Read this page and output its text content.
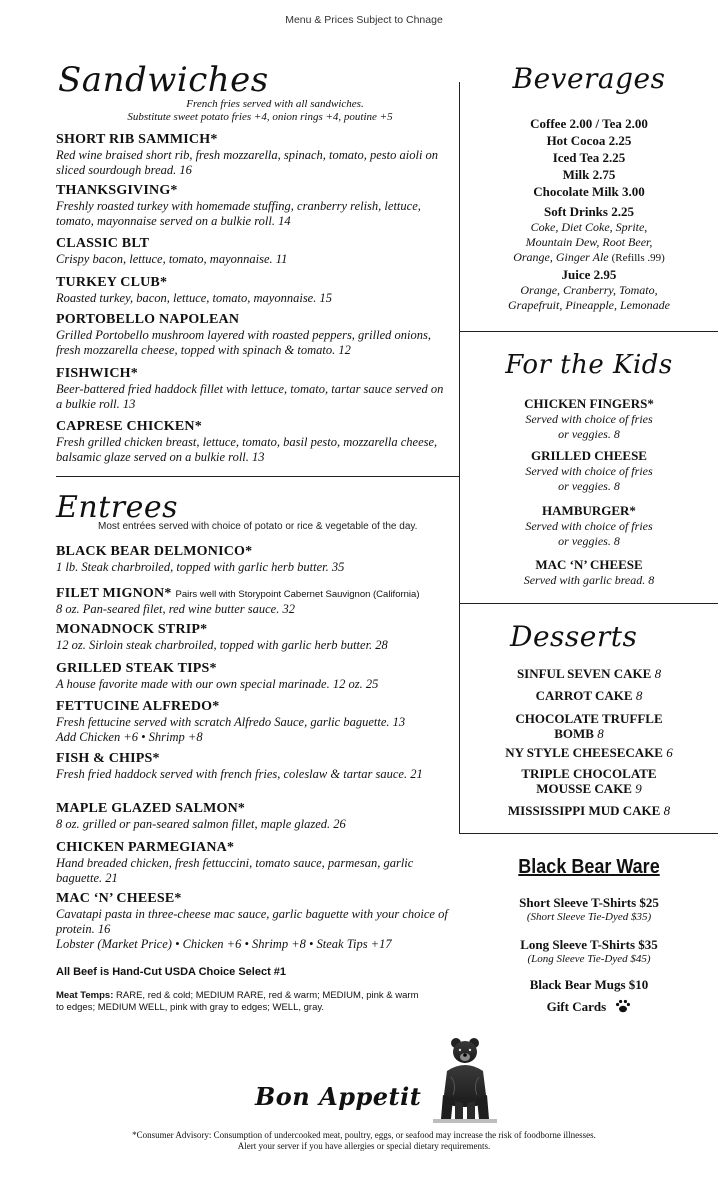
Menu & Prices Subject to Chnage
Sandwiches
French fries served with all sandwiches.
Substitute sweet potato fries +4, onion rings +4, poutine +5
SHORT RIB SAMMICH*
Red wine braised short rib, fresh mozzarella, spinach, tomato, pesto aioli on sliced sourdough bread. 16
THANKSGIVING*
Freshly roasted turkey with homemade stuffing, cranberry relish, lettuce, tomato, mayonnaise served on a bulkie roll. 14
CLASSIC BLT
Crispy bacon, lettuce, tomato, mayonnaise. 11
TURKEY CLUB*
Roasted turkey, bacon, lettuce, tomato, mayonnaise. 15
PORTOBELLO NAPOLEAN
Grilled Portobello mushroom layered with roasted peppers, grilled onions, fresh mozzarella cheese, topped with spinach & tomato. 12
FISHWICH*
Beer-battered fried haddock fillet with lettuce, tomato, tartar sauce served on a bulkie roll. 13
CAPRESE CHICKEN*
Fresh grilled chicken breast, lettuce, tomato, basil pesto, mozzarella cheese, balsamic glaze served on a bulkie roll. 13
Entrees
Most entrées served with choice of potato or rice & vegetable of the day.
BLACK BEAR DELMONICO*
1 lb. Steak charbroiled, topped with garlic herb butter. 35
FILET MIGNON* Pairs well with Storypoint Cabernet Sauvignon (California)
8 oz. Pan-seared filet, red wine butter sauce. 32
MONADNOCK STRIP*
12 oz. Sirloin steak charbroiled, topped with garlic herb butter. 28
GRILLED STEAK TIPS*
A house favorite made with our own special marinade. 12 oz. 25
FETTUCINE ALFREDO*
Fresh fettucine served with scratch Alfredo Sauce, garlic baguette. 13
Add Chicken +6 • Shrimp +8
FISH & CHIPS*
Fresh fried haddock served with french fries, coleslaw & tartar sauce. 21
MAPLE GLAZED SALMON*
8 oz. grilled or pan-seared salmon fillet, maple glazed. 26
CHICKEN PARMEGIANA*
Hand breaded chicken, fresh fettuccini, tomato sauce, parmesan, garlic baguette. 21
MAC ‘N’ CHEESE*
Cavatapi pasta in three-cheese mac sauce, garlic baguette with your choice of protein. 16
Lobster (Market Price) • Chicken +6 • Shrimp +8 • Steak Tips +17
All Beef is Hand-Cut USDA Choice Select #1
Meat Temps: RARE, red & cold; MEDIUM RARE, red & warm; MEDIUM, pink & warm to edges; MEDIUM WELL, pink with gray to edges; WELL, gray.
Beverages
Coffee 2.00 / Tea 2.00
Hot Cocoa 2.25
Iced Tea 2.25
Milk 2.75
Chocolate Milk 3.00
Soft Drinks 2.25
Coke, Diet Coke, Sprite,
Mountain Dew, Root Beer,
Orange, Ginger Ale (Refills .99)
Juice 2.95
Orange, Cranberry, Tomato,
Grapefruit, Pineapple, Lemonade
For the Kids
CHICKEN FINGERS*
Served with choice of fries
or veggies. 8
GRILLED CHEESE
Served with choice of fries
or veggies. 8
HAMBURGER*
Served with choice of fries
or veggies. 8
MAC ‘N’ CHEESE
Served with garlic bread. 8
Desserts
SINFUL SEVEN CAKE 8
CARROT CAKE 8
CHOCOLATE TRUFFLE
BOMB 8
NY STYLE CHEESECAKE 6
TRIPLE CHOCOLATE
MOUSSE CAKE 9
MISSISSIPPI MUD CAKE 8
Black Bear Ware
Short Sleeve T-Shirts $25
(Short Sleeve Tie-Dyed $35)
Long Sleeve T-Shirts $35
(Long Sleeve Tie-Dyed $45)
Black Bear Mugs $10
Gift Cards
Bon Appetit
*Consumer Advisory: Consumption of undercooked meat, poultry, eggs, or seafood may increase the risk of foodborne illnesses.
Alert your server if you have allergies or special dietary requirements.
